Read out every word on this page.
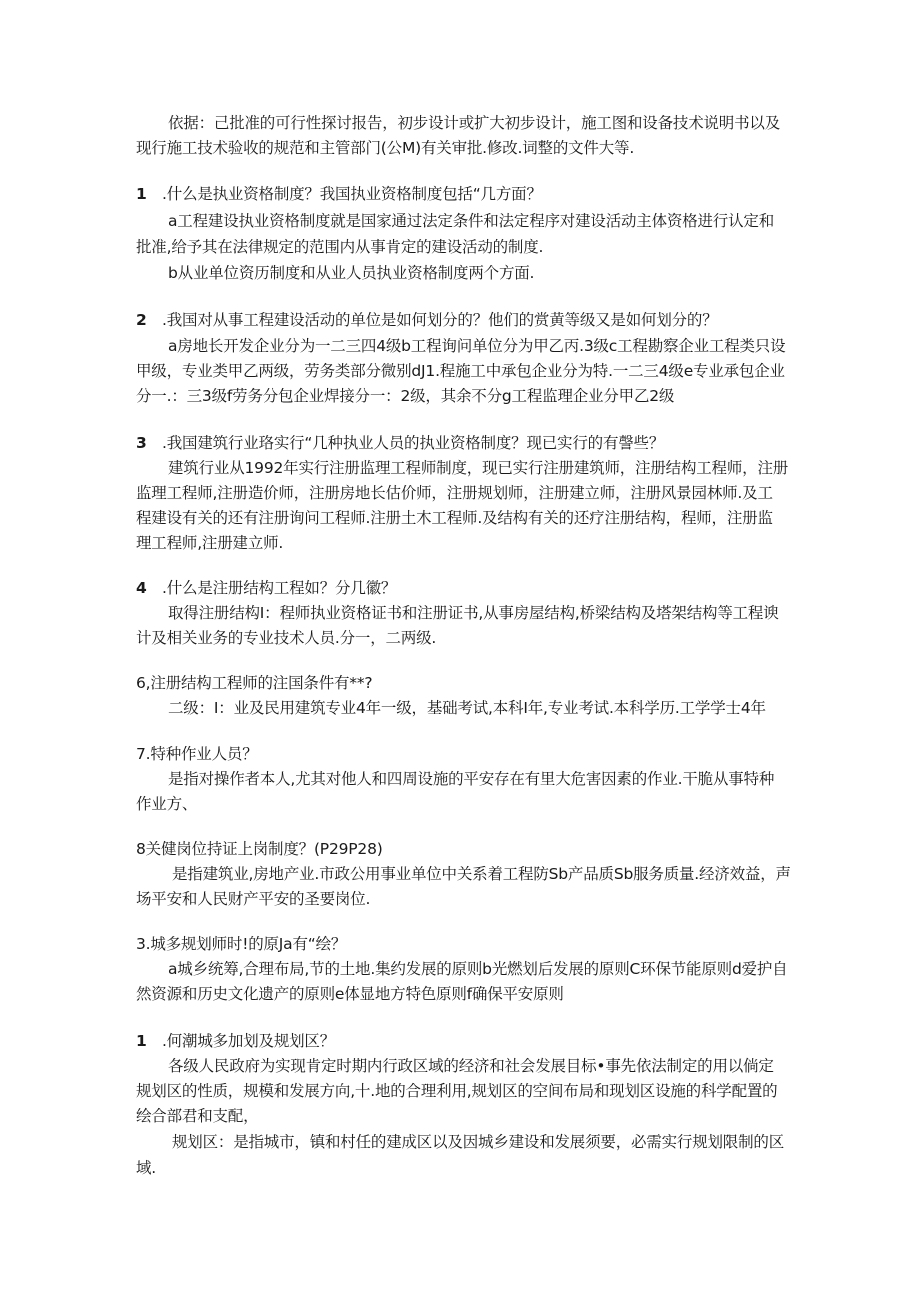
依据：己批准的可行性探讨报告，初步设计或扩大初步设计，施工图和设备技术说明书以及
现行施工技术验收的规范和主管部门(公M)有关审批.修改.词整的文件大等.
1 .什么是执业资格制度？我国执业资格制度包括“几方面？
a工程建设执业资格制度就是国家通过法定条件和法定程序对建设活动主体资格进行认定和
批准,给予其在法律规定的范围内从事肯定的建设活动的制度.
b从业单位资历制度和从业人员执业资格制度两个方面.
2 .我国对从事工程建设活动的单位是如何划分的？他们的赏黄等级又是如何划分的？
a房地长开发企业分为一二三四4级b工程询问单位分为甲乙丙.3级c工程勘察企业工程类只设
甲级，专业类甲乙两级，劳务类部分微别dJ1.程施工中承包企业分为特.一二三4级e专业承包企业
分一.：三3级f劳务分包企业焊接分一：2级，其余不分g工程监理企业分甲乙2级
3 .我国建筑行业珞实行“几种执业人员的执业资格制度？现已实行的有謦些？
建筑行业从1992年实行注册监理工程师制度，现已实行注册建筑师，注册结构工程师，注册
监理工程师,注册造价师，注册房地长估价师，注册规划师，注册建立师，注册风景园林师.及工
程建设有关的还有注册询问工程师.注册土木工程师.及结构有关的还疗注册结构，程师，注册监
理工程师,注册建立师.
4 .什么是注册结构工程如？分几徽？
取得注册结构I：程师执业资格证书和注册证书,从事房屋结构,桥梁结构及塔架结构等工程谀
计及相关业务的专业技术人员.分一，二两级.
6,注册结构工程师的注国条件有**?
二级：I：业及民用建筑专业4年一级，基础考试,本科I年,专业考试.本科学历.工学学士4年
7.特种作业人员？
是指对操作者本人,尤其对他人和四周设施的平安存在有里大危害因素的作业.干脆从事特种
作业方、
8关健岗位持证上岗制度？(P29P28)
是指建筑业,房地产业.市政公用事业单位中关系着工程防Sb产品质Sb服务质量.经济效益，声
场平安和人民财产平安的圣要岗位.
3.城多规划师时!的原Ja有“绘？
a城乡统筹,合理布局,节的土地.集约发展的原则b光燃划后发展的原则C环保节能原则d爱护自
然资源和历史文化遗产的原则e体显地方特色原则f确保平安原则
1 .何潮城多加划及规划区？
各级人民政府为实现肯定时期内行政区域的经济和社会发展目标•事先依法制定的用以倘定
规划区的性质，规模和发展方向,十.地的合理利用,规划区的空间布局和现划区设施的科学配置的
绘合部君和支配，
规划区：是指城市，镇和村任的建成区以及因城乡建设和发展须要，必需实行规划限制的区
域.
